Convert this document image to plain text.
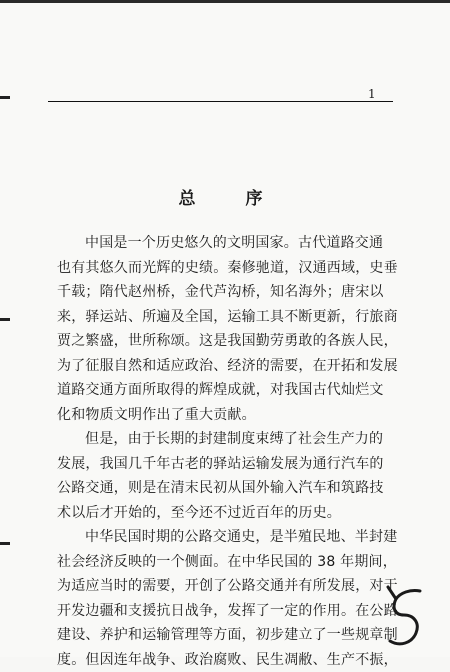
1
总 序
中国是一个历史悠久的文明国家。古代道路交通
也有其悠久而光辉的史绩。秦修驰道，汉通西域，史垂
千载；隋代赵州桥，金代芦沟桥，知名海外；唐宋以
来，驿运站、所遍及全国，运输工具不断更新，行旅商
贾之繁盛，世所称颂。这是我国勤劳勇敢的各族人民，
为了征服自然和适应政治、经济的需要，在开拓和发展
道路交通方面所取得的辉煌成就，对我国古代灿烂文
化和物质文明作出了重大贡献。
但是，由于长期的封建制度束缚了社会生产力的
发展，我国几千年古老的驿站运输发展为通行汽车的
公路交通，则是在清末民初从国外输入汽车和筑路技
术以后才开始的，至今还不过近百年的历史。
中华民国时期的公路交通史，是半殖民地、半封建
社会经济反映的一个侧面。在中华民国的 38 年期间，
为适应当时的需要，开创了公路交通并有所发展，对于
开发边疆和支援抗日战争，发挥了一定的作用。在公路
建设、养护和运输管理等方面，初步建立了一些规章制
度。但因连年战争、政治腐败、民生凋敝、生产不振，
